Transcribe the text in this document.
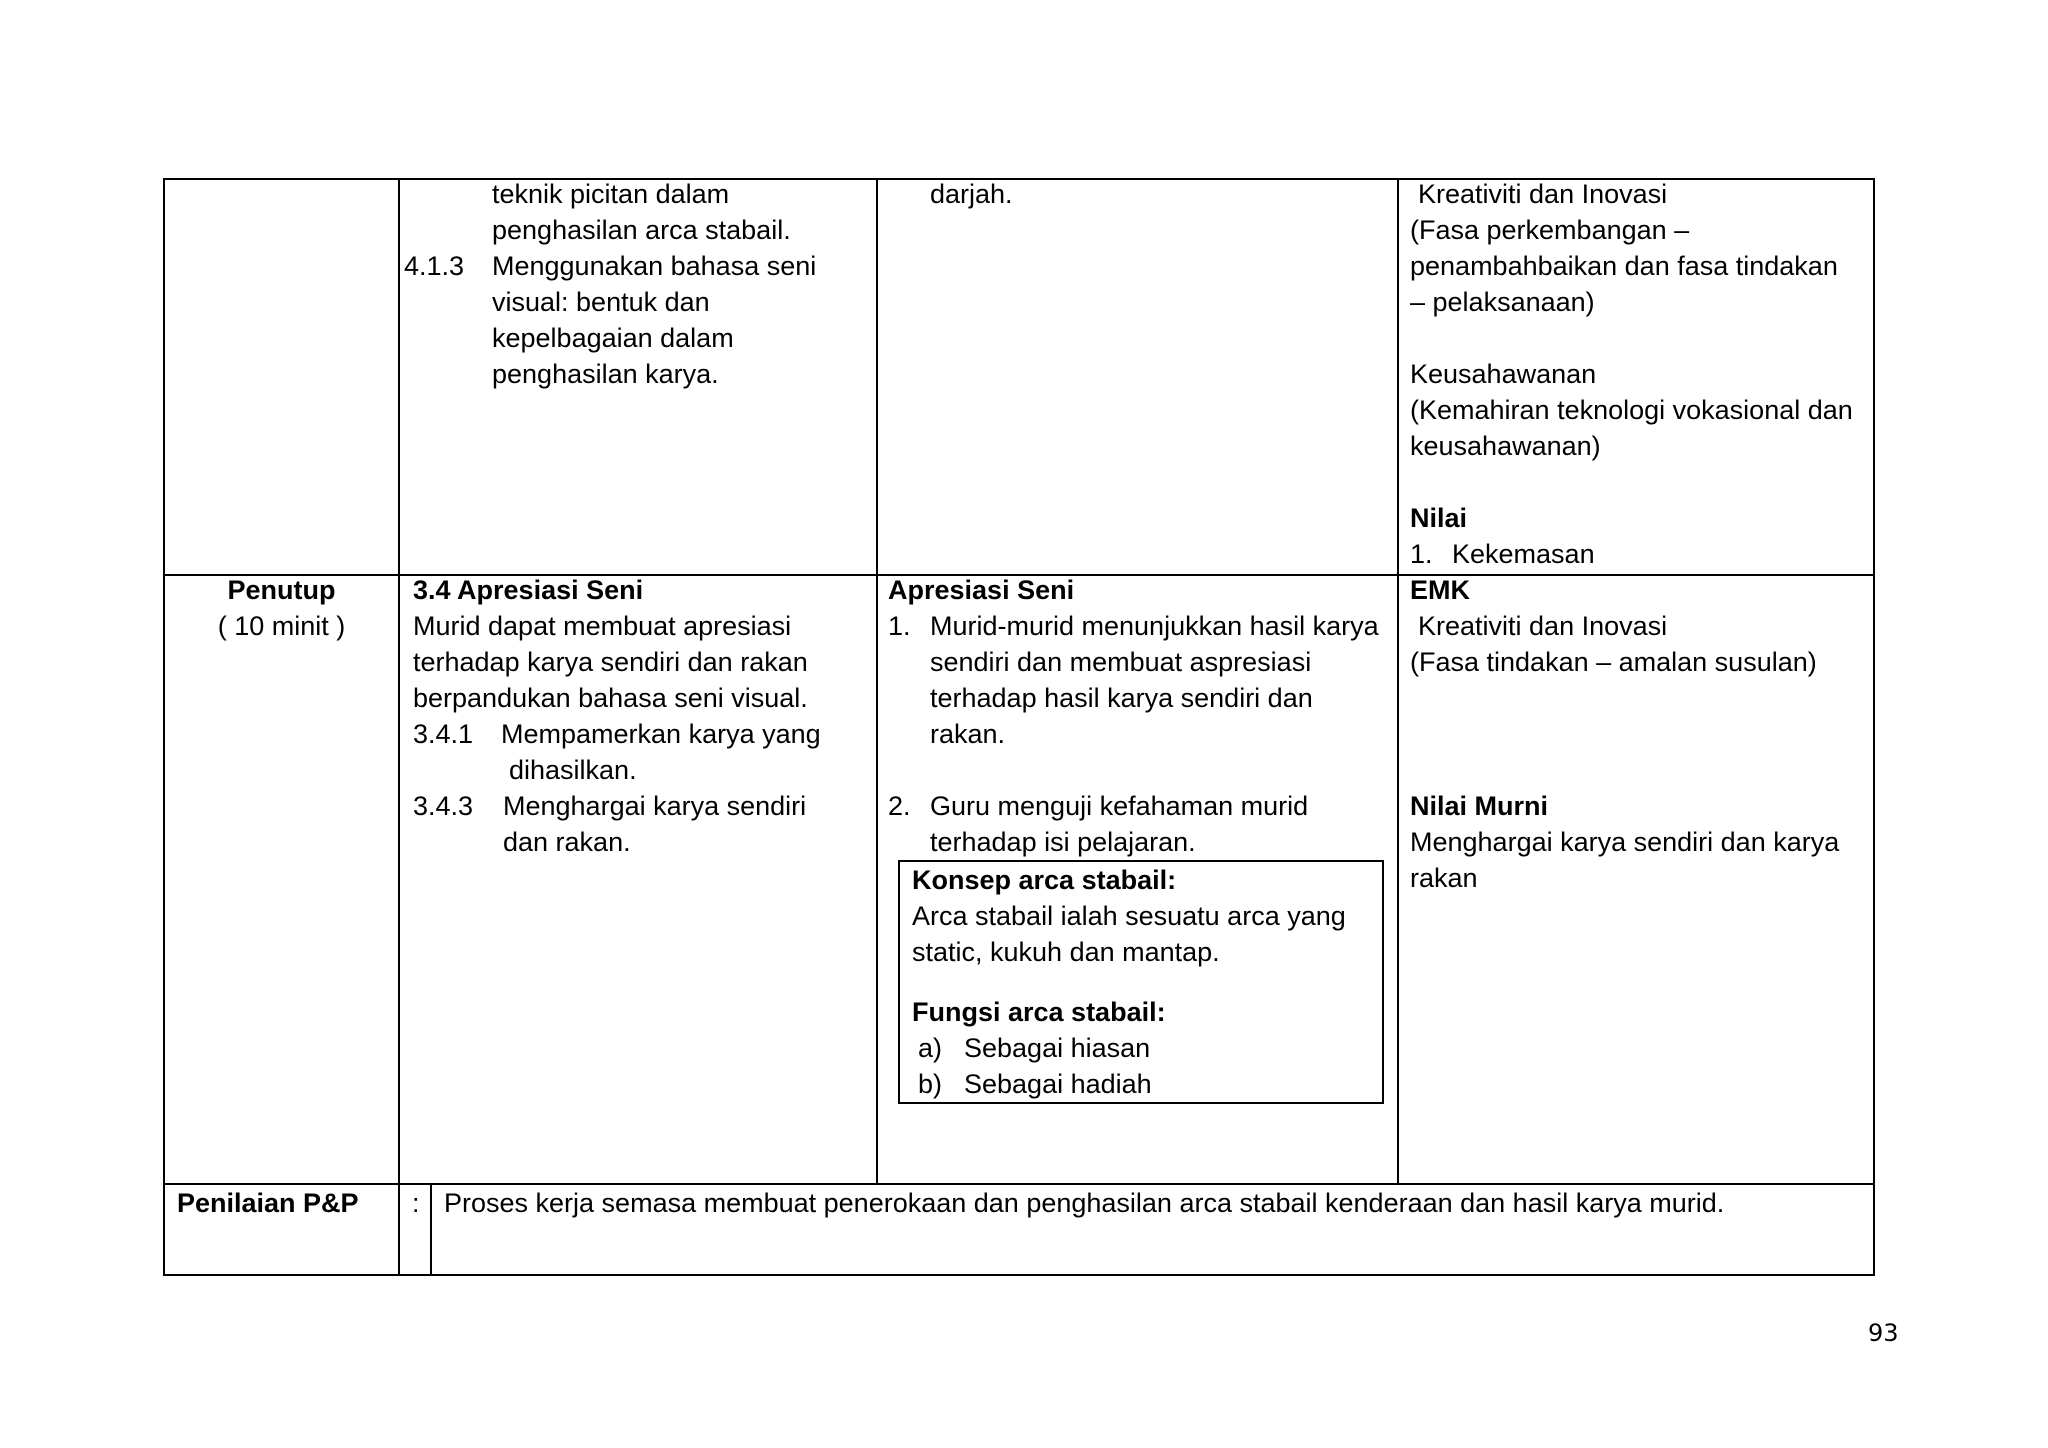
teknik picitan dalam
penghasilan arca stabail.
4.1.3 Menggunakan bahasa seni
visual: bentuk dan
kepelbagaian dalam
penghasilan karya.
darjah.	Kreativiti dan Inovasi
(Fasa perkembangan –
penambahbaikan dan fasa tindakan
– pelaksanaan)
Keusahawanan
(Kemahiran teknologi vokasional dan
keusahawanan)
Nilai
1. Kekemasan
Penutup
( 10 minit )
3.4 Apresiasi Seni
Murid dapat membuat apresiasi
terhadap karya sendiri dan rakan
berpandukan bahasa seni visual.
3.4.1 Mempamerkan karya yang
dihasilkan.
3.4.3 Menghargai karya sendiri
dan rakan.
Apresiasi Seni
1. Murid-murid menunjukkan hasil karya
sendiri dan membuat aspresiasi
terhadap hasil karya sendiri dan
rakan.
2. Guru menguji kefahaman murid
terhadap isi pelajaran.
Konsep arca stabail:
Arca stabail ialah sesuatu arca yang
static, kukuh dan mantap.
Fungsi arca stabail:
a) Sebagai hiasan
b) Sebagai hadiah
EMK
Kreativiti dan Inovasi
(Fasa tindakan – amalan susulan)
Nilai Murni
Menghargai karya sendiri dan karya
rakan
Penilaian P&P : Proses kerja semasa membuat penerokaan dan penghasilan arca stabail kenderaan dan hasil karya murid.
93
